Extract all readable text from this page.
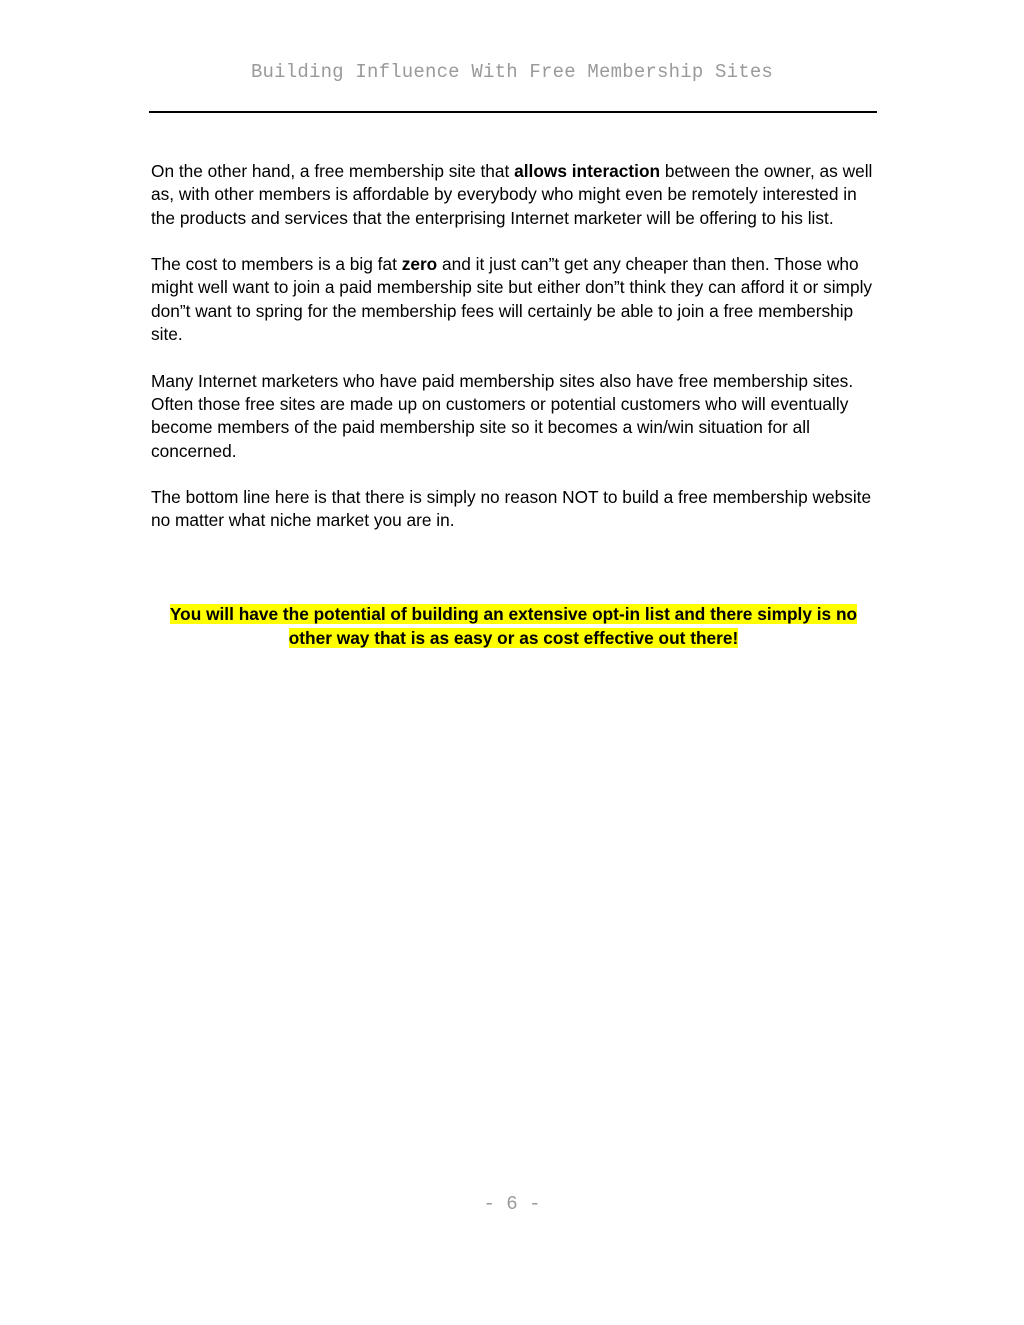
Building Influence With Free Membership Sites

On the other hand, a free membership site that allows interaction between the owner, as well as, with other members is affordable by everybody who might even be remotely interested in the products and services that the enterprising Internet marketer will be offering to his list.

The cost to members is a big fat zero and it just can”t get any cheaper than then. Those who might well want to join a paid membership site but either don”t think they can afford it or simply don”t want to spring for the membership fees will certainly be able to join a free membership site.

Many Internet marketers who have paid membership sites also have free membership sites. Often those free sites are made up on customers or potential customers who will eventually become members of the paid membership site so it becomes a win/win situation for all concerned.

The bottom line here is that there is simply no reason NOT to build a free membership website no matter what niche market you are in.

You will have the potential of building an extensive opt-in list and there simply is no other way that is as easy or as cost effective out there!
- 6 -
